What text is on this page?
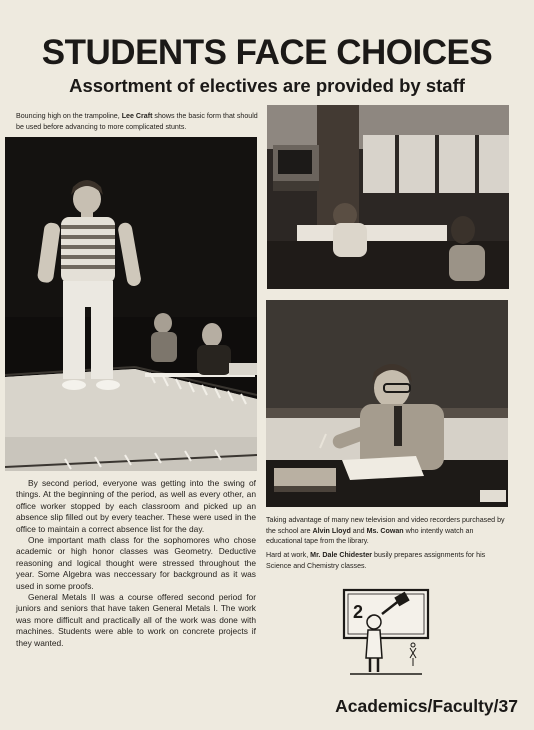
STUDENTS FACE CHOICES
Assortment of electives are provided by staff

Bouncing high on the trampoline, Lee Craft shows the basic form that should be used before advancing to more complicated stunts.

Taking advantage of many new television and video recorders purchased by the school are Alvin Lloyd and Ms. Cowan who intently watch an educational tape from the library.

Hard at work, Mr. Dale Chidester busily prepares assignments for his Science and Chemistry classes.

By second period, everyone was getting into the swing of things. At the beginning of the period, as well as every other, an office worker stopped by each classroom and picked up an absence slip filled out by every teacher. These were used in the office to maintain a correct absence list for the day.

One important math class for the sophomores who chose academic or high honor classes was Geometry. Deductive reasoning and logical thought were stressed throughout the year. Some Algebra was neccessary for background as it was used in some proofs.

General Metals II was a course offered second period for juniors and seniors that have taken General Metals I. The work was more difficult and practically all of the work was done with machines. Students were able to work on concrete projects if they wanted.

2

Academics/Faculty/37
